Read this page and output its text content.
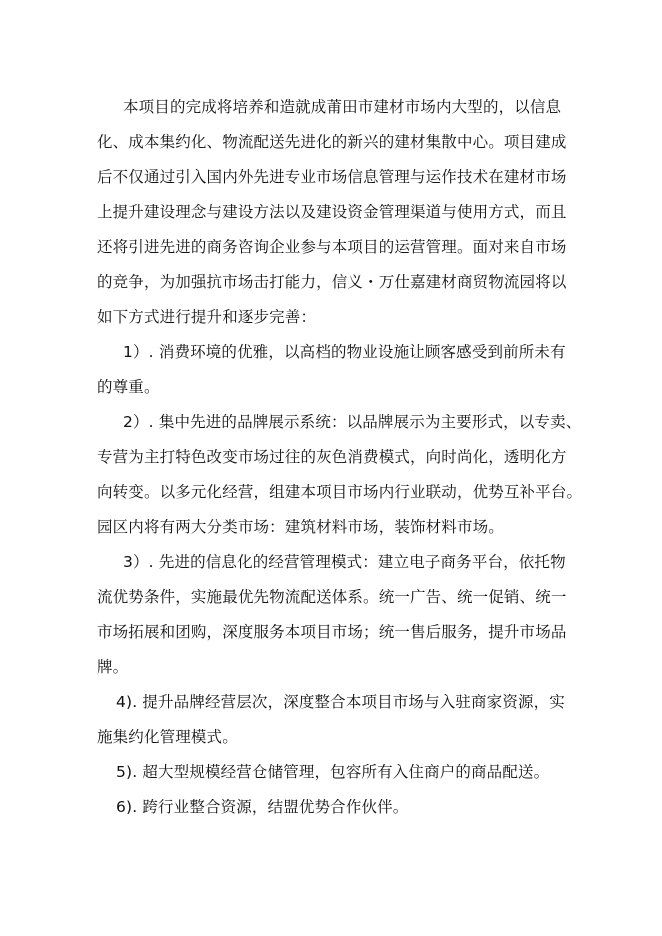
本项目的完成将培养和造就成莆田市建材市场内大型的，以信息
化、成本集约化、物流配送先进化的新兴的建材集散中心。项目建成
后不仅通过引入国内外先进专业市场信息管理与运作技术在建材市场
上提升建设理念与建设方法以及建设资金管理渠道与使用方式，而且
还将引进先进的商务咨询企业参与本项目的运营管理。面对来自市场
的竞争，为加强抗市场击打能力，信义・万仕嘉建材商贸物流园将以
如下方式进行提升和逐步完善：
1）. 消费环境的优雅，以高档的物业设施让顾客感受到前所未有
的尊重。
2）. 集中先进的品牌展示系统：以品牌展示为主要形式，以专卖、
专营为主打特色改变市场过往的灰色消费模式，向时尚化，透明化方
向转变。以多元化经营，组建本项目市场内行业联动，优势互补平台。
园区内将有两大分类市场：建筑材料市场，装饰材料市场。
3）. 先进的信息化的经营管理模式：建立电子商务平台，依托物
流优势条件，实施最优先物流配送体系。统一广告、统一促销、统一
市场拓展和团购，深度服务本项目市场；统一售后服务，提升市场品
牌。
4). 提升品牌经营层次，深度整合本项目市场与入驻商家资源，实
施集约化管理模式。
5). 超大型规模经营仓储管理，包容所有入住商户的商品配送。
6). 跨行业整合资源，结盟优势合作伙伴。
